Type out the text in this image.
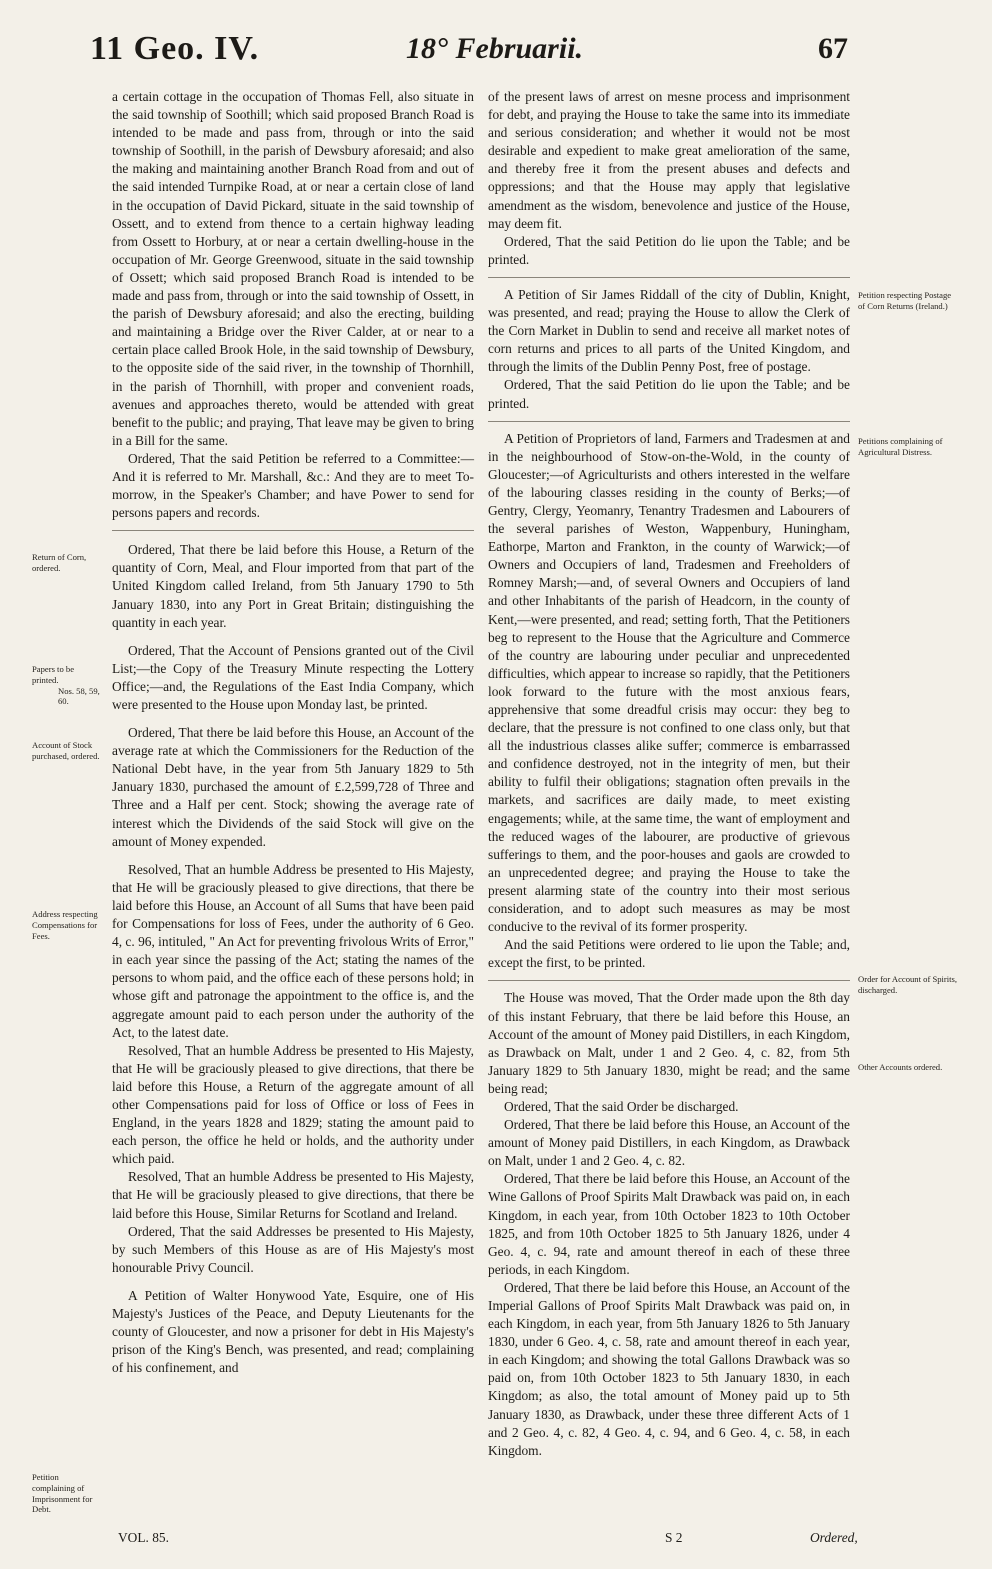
11 Geo. IV.	18° Februarii.	67

a certain cottage in the occupation of Thomas Fell, also situate in the said township of Soothill; which said proposed Branch Road is intended to be made and pass from, through or into the said township of Soothill, in the parish of Dewsbury aforesaid; and also the making and maintaining another Branch Road from and out of the said intended Turnpike Road, at or near a certain close of land in the occupation of David Pickard, situate in the said township of Ossett, and to extend from thence to a certain highway leading from Ossett to Horbury, at or near a certain dwelling-house in the occupation of Mr. George Greenwood, situate in the said township of Ossett; which said proposed Branch Road is intended to be made and pass from, through or into the said township of Ossett, in the parish of Dewsbury aforesaid; and also the erecting, building and maintaining a Bridge over the River Calder, at or near to a certain place called Brook Hole, in the said township of Dewsbury, to the opposite side of the said river, in the township of Thornhill, in the parish of Thornhill, with proper and convenient roads, avenues and approaches thereto, would be attended with great benefit to the public; and praying, That leave may be given to bring in a Bill for the same.

Ordered, That the said Petition be referred to a Committee:—And it is referred to Mr. Marshall, &c.: And they are to meet To-morrow, in the Speaker's Chamber; and have Power to send for persons papers and records.

Ordered, That there be laid before this House, a Return of the quantity of Corn, Meal, and Flour imported from that part of the United Kingdom called Ireland, from 5th January 1790 to 5th January 1830, into any Port in Great Britain; distinguishing the quantity in each year.

Ordered, That the Account of Pensions granted out of the Civil List;—the Copy of the Treasury Minute respecting the Lottery Office;—and, the Regulations of the East India Company, which were presented to the House upon Monday last, be printed.

Ordered, That there be laid before this House, an Account of the average rate at which the Commissioners for the Reduction of the National Debt have, in the year from 5th January 1829 to 5th January 1830, purchased the amount of £.2,599,728 of Three and Three and a Half per cent. Stock; showing the average rate of interest which the Dividends of the said Stock will give on the amount of Money expended.

Resolved, That an humble Address be presented to His Majesty, that He will be graciously pleased to give directions, that there be laid before this House, an Account of all Sums that have been paid for Compensations for loss of Fees, under the authority of 6 Geo. 4, c. 96, intituled, " An Act for preventing frivolous Writs of Error," in each year since the passing of the Act; stating the names of the persons to whom paid, and the office each of these persons hold; in whose gift and patronage the appointment to the office is, and the aggregate amount paid to each person under the authority of the Act, to the latest date.

Resolved, That an humble Address be presented to His Majesty, that He will be graciously pleased to give directions, that there be laid before this House, a Return of the aggregate amount of all other Compensations paid for loss of Office or loss of Fees in England, in the years 1828 and 1829; stating the amount paid to each person, the office he held or holds, and the authority under which paid.

Resolved, That an humble Address be presented to His Majesty, that He will be graciously pleased to give directions, that there be laid before this House, Similar Returns for Scotland and Ireland.

Ordered, That the said Addresses be presented to His Majesty, by such Members of this House as are of His Majesty's most honourable Privy Council.

A Petition of Walter Honywood Yate, Esquire, one of His Majesty's Justices of the Peace, and Deputy Lieutenants for the county of Gloucester, and now a prisoner for debt in His Majesty's prison of the King's Bench, was presented, and read; complaining of his confinement, and

of the present laws of arrest on mesne process and imprisonment for debt, and praying the House to take the same into its immediate and serious consideration; and whether it would not be most desirable and expedient to make great amelioration of the same, and thereby free it from the present abuses and defects and oppressions; and that the House may apply that legislative amendment as the wisdom, benevolence and justice of the House, may deem fit.

Ordered, That the said Petition do lie upon the Table; and be printed.

A Petition of Sir James Riddall of the city of Dublin, Knight, was presented, and read; praying the House to allow the Clerk of the Corn Market in Dublin to send and receive all market notes of corn returns and prices to all parts of the United Kingdom, and through the limits of the Dublin Penny Post, free of postage.

Ordered, That the said Petition do lie upon the Table; and be printed.

A Petition of Proprietors of land, Farmers and Tradesmen at and in the neighbourhood of Stow-on-the-Wold, in the county of Gloucester;—of Agriculturists and others interested in the welfare of the labouring classes residing in the county of Berks;—of Gentry, Clergy, Yeomanry, Tenantry Tradesmen and Labourers of the several parishes of Weston, Wappenbury, Huningham, Eathorpe, Marton and Frankton, in the county of Warwick;—of Owners and Occupiers of land, Tradesmen and Freeholders of Romney Marsh;—and, of several Owners and Occupiers of land and other Inhabitants of the parish of Headcorn, in the county of Kent,—were presented, and read; setting forth, That the Petitioners beg to represent to the House that the Agriculture and Commerce of the country are labouring under peculiar and unprecedented difficulties, which appear to increase so rapidly, that the Petitioners look forward to the future with the most anxious fears, apprehensive that some dreadful crisis may occur: they beg to declare, that the pressure is not confined to one class only, but that all the industrious classes alike suffer; commerce is embarrassed and confidence destroyed, not in the integrity of men, but their ability to fulfil their obligations; stagnation often prevails in the markets, and sacrifices are daily made, to meet existing engagements; while, at the same time, the want of employment and the reduced wages of the labourer, are productive of grievous sufferings to them, and the poor-houses and gaols are crowded to an unprecedented degree; and praying the House to take the present alarming state of the country into their most serious consideration, and to adopt such measures as may be most conducive to the revival of its former prosperity.

And the said Petitions were ordered to lie upon the Table; and, except the first, to be printed.

The House was moved, That the Order made upon the 8th day of this instant February, that there be laid before this House, an Account of the amount of Money paid Distillers, in each Kingdom, as Drawback on Malt, under 1 and 2 Geo. 4, c. 82, from 5th January 1829 to 5th January 1830, might be read; and the same being read;

Ordered, That the said Order be discharged.

Ordered, That there be laid before this House, an Account of the amount of Money paid Distillers, in each Kingdom, as Drawback on Malt, under 1 and 2 Geo. 4, c. 82.

Ordered, That there be laid before this House, an Account of the Wine Gallons of Proof Spirits Malt Drawback was paid on, in each Kingdom, in each year, from 10th October 1823 to 10th October 1825, and from 10th October 1825 to 5th January 1826, under 4 Geo. 4, c. 94, rate and amount thereof in each of these three periods, in each Kingdom.

Ordered, That there be laid before this House, an Account of the Imperial Gallons of Proof Spirits Malt Drawback was paid on, in each Kingdom, in each year, from 5th January 1826 to 5th January 1830, under 6 Geo. 4, c. 58, rate and amount thereof in each year, in each Kingdom; and showing the total Gallons Drawback was so paid on, from 10th October 1823 to 5th January 1830, in each Kingdom; as also, the total amount of Money paid up to 5th January 1830, as Drawback, under these three different Acts of 1 and 2 Geo. 4, c. 82, 4 Geo. 4, c. 94, and 6 Geo. 4, c. 58, in each Kingdom.

Return of Corn, ordered.
Papers to be printed.
Nos. 58, 59, 60.
Account of Stock purchased, ordered.
Address respecting Compensations for Fees.
Petition complaining of Imprisonment for Debt.
Petition respecting Postage of Corn Returns (Ireland.)
Petitions complaining of Agricultural Distress.
Order for Account of Spirits, discharged.
Other Accounts ordered.
VOL. 85.	S 2	Ordered,
